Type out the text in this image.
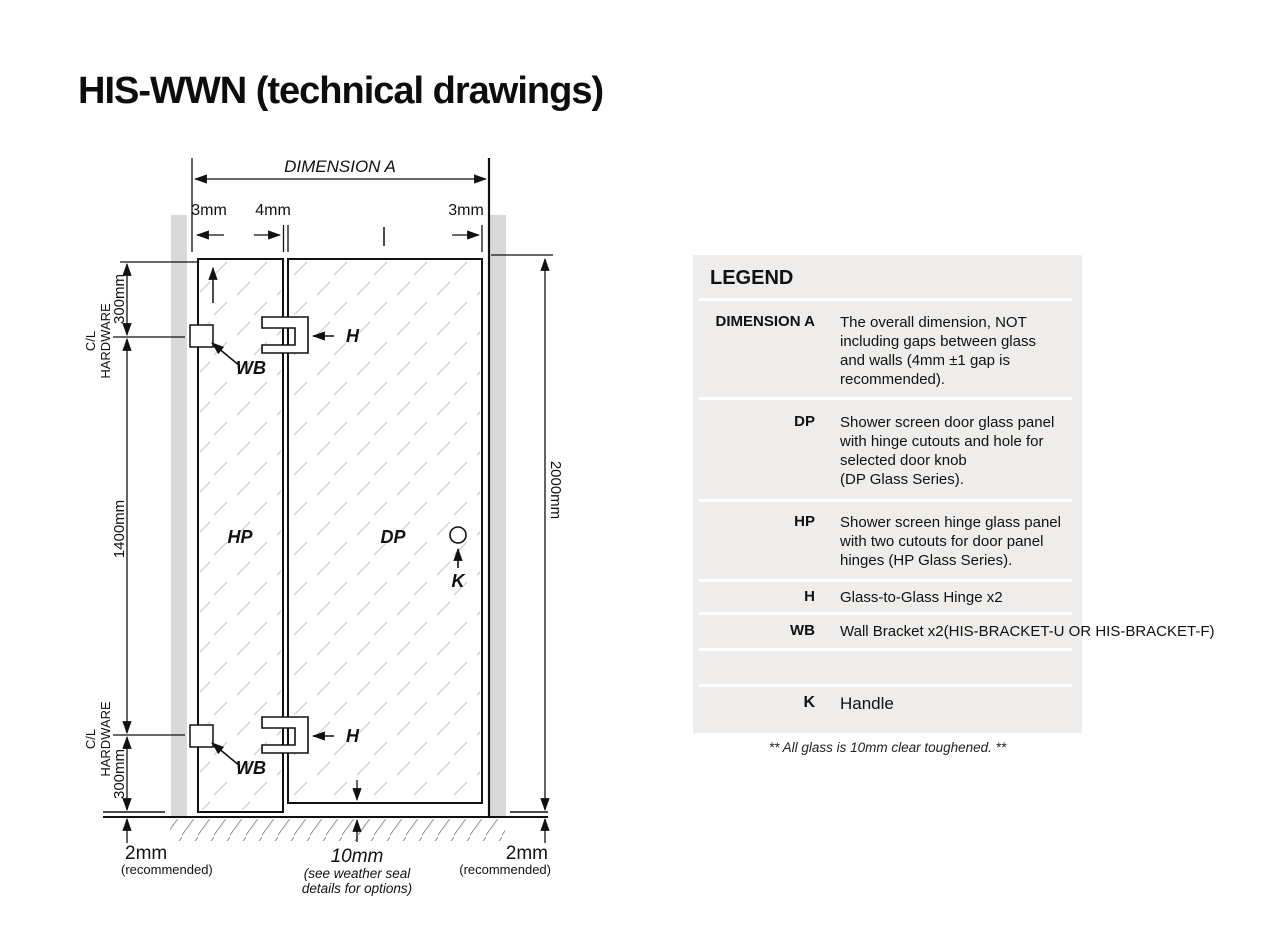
HIS-WWN (technical drawings)
DIMENSION A
3mm 4mm	3mm
300mm
C/L HARDWARE
1400mm
C/L HARDWARE
300mm
2mm
(recommended)
2000mm
2mm
(recommended)
10mm
(see weather seal
details for options)
H
H
WB
WB
HP	DP
K
LEGEND
DIMENSION A The overall dimension, NOT
including gaps between glass
and walls (4mm ±1 gap is
recommended).
DP Shower screen door glass panel
with hinge cutouts and hole for
selected door knob
(DP Glass Series).
HP Shower screen hinge glass panel
with two cutouts for door panel
hinges (HP Glass Series).
H Glass-to-Glass Hinge x2
WB Wall Bracket x2(HIS-BRACKET-U OR HIS-BRACKET-F)
K Handle
** All glass is 10mm clear toughened. **
